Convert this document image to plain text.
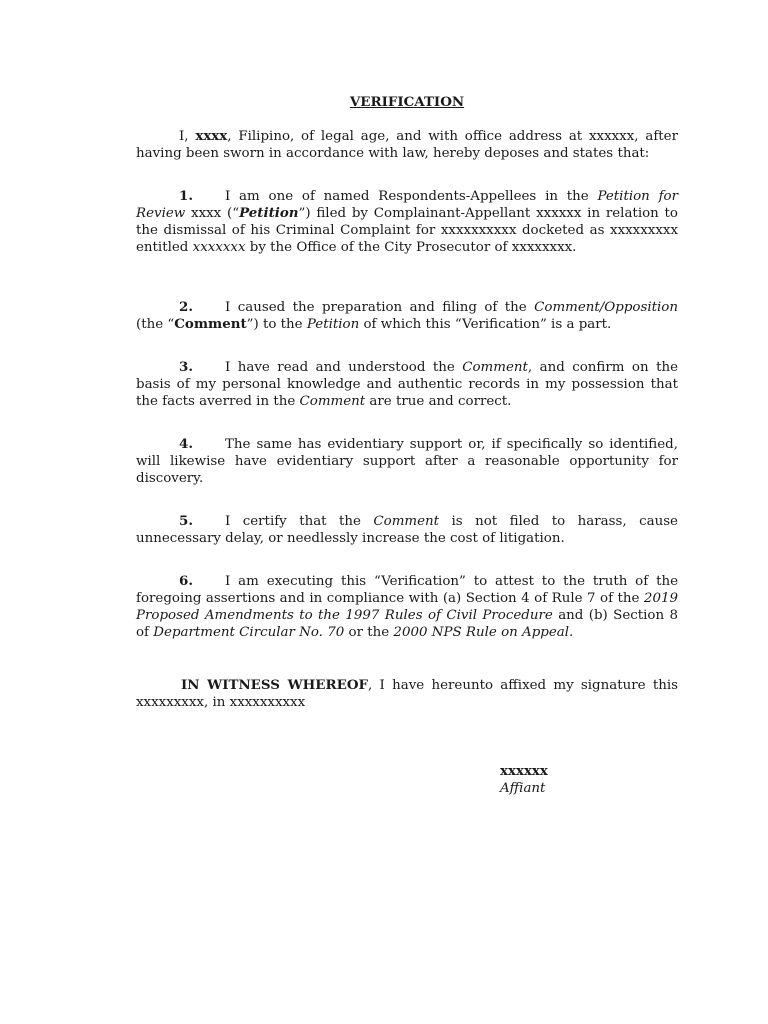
VERIFICATION

I, xxxx, Filipino, of legal age, and with office address at xxxxxx, after having been sworn in accordance with law, hereby deposes and states that:

1. I am one of named Respondents-Appellees in the Petition for Review xxxx (“Petition”) filed by Complainant-Appellant xxxxxx in relation to the dismissal of his Criminal Complaint for xxxxxxxxxx docketed as xxxxxxxxx entitled xxxxxxx by the Office of the City Prosecutor of xxxxxxxx.

2. I caused the preparation and filing of the Comment/Opposition (the “Comment”) to the Petition of which this “Verification” is a part.

3. I have read and understood the Comment, and confirm on the basis of my personal knowledge and authentic records in my possession that the facts averred in the Comment are true and correct.

4. The same has evidentiary support or, if specifically so identified, will likewise have evidentiary support after a reasonable opportunity for discovery.

5. I certify that the Comment is not filed to harass, cause unnecessary delay, or needlessly increase the cost of litigation.

6. I am executing this “Verification” to attest to the truth of the foregoing assertions and in compliance with (a) Section 4 of Rule 7 of the 2019 Proposed Amendments to the 1997 Rules of Civil Procedure and (b) Section 8 of Department Circular No. 70 or the 2000 NPS Rule on Appeal.

IN WITNESS WHEREOF, I have hereunto affixed my signature this xxxxxxxxx, in xxxxxxxxxx

xxxxxx
Affiant
